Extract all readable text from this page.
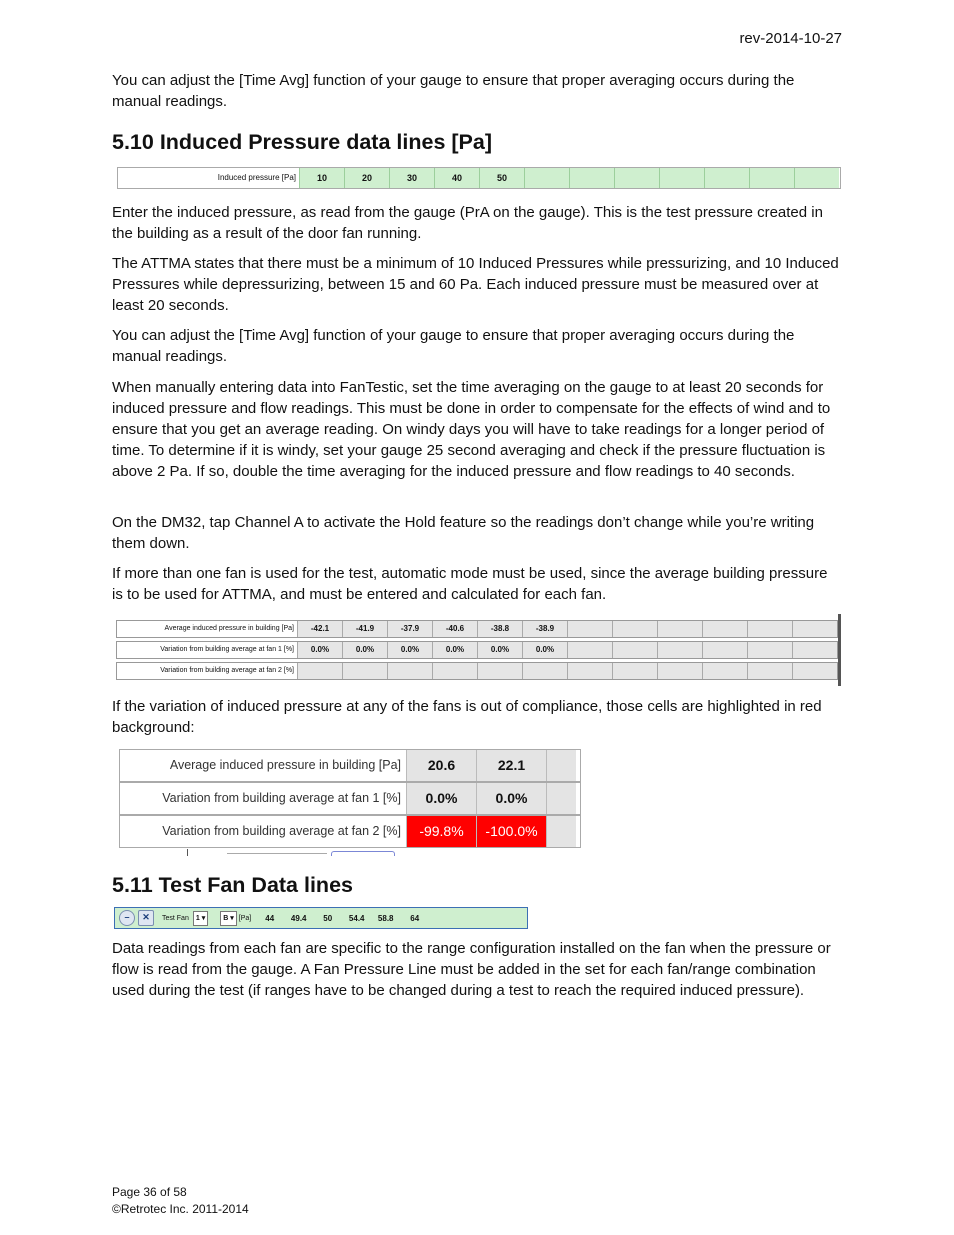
rev-2014-10-27
You can adjust the [Time Avg] function of your gauge to ensure that proper averaging occurs during the manual readings.
5.10 Induced Pressure data lines [Pa]
Induced pressure [Pa]	10	20	30	40	50
Enter the induced pressure, as read from the gauge (PrA on the gauge). This is the test pressure created in the building as a result of the door fan running.
The ATTMA states that there must be a minimum of 10 Induced Pressures while pressurizing, and 10 Induced Pressures while depressurizing, between 15 and 60 Pa. Each induced pressure must be measured over at least 20 seconds.
You can adjust the [Time Avg] function of your gauge to ensure that proper averaging occurs during the manual readings.
When manually entering data into FanTestic, set the time averaging on the gauge to at least 20 seconds for induced pressure and flow readings. This must be done in order to compensate for the effects of wind and to ensure that you get an average reading. On windy days you will have to take readings for a longer period of time. To determine if it is windy, set your gauge 25 second averaging and check if the pressure fluctuation is above 2 Pa. If so, double the time averaging for the induced pressure and flow readings to 40 seconds.
On the DM32, tap Channel A to activate the Hold feature so the readings don’t change while you’re writing them down.
If more than one fan is used for the test, automatic mode must be used, since the average building pressure is to be used for ATTMA, and must be entered and calculated for each fan.
Average induced pressure in building [Pa]	-42.1	-41.9	-37.9	-40.6	-38.8	-38.9
Variation from building average at fan 1 [%]	0.0%	0.0%	0.0%	0.0%	0.0%	0.0%
Variation from building average at fan 2 [%]
If the variation of induced pressure at any of the fans is out of compliance, those cells are highlighted in red background:
Average induced pressure in building [Pa]	20.6	22.1
Variation from building average at fan 1 [%]	0.0%	0.0%
Variation from building average at fan 2 [%]	-99.8%	-100.0%
5.11 Test Fan Data lines
–	✕	Test Fan	1 ▾	B ▾ [Pa]	44	49.4	50	54.4	58.8	64
Data readings from each fan are specific to the range configuration installed on the fan when the pressure or flow is read from the gauge. A Fan Pressure Line must be added in the set for each fan/range combination used during the test (if ranges have to be changed during a test to reach the required induced pressure).
Page 36 of 58
©Retrotec Inc. 2011-2014
